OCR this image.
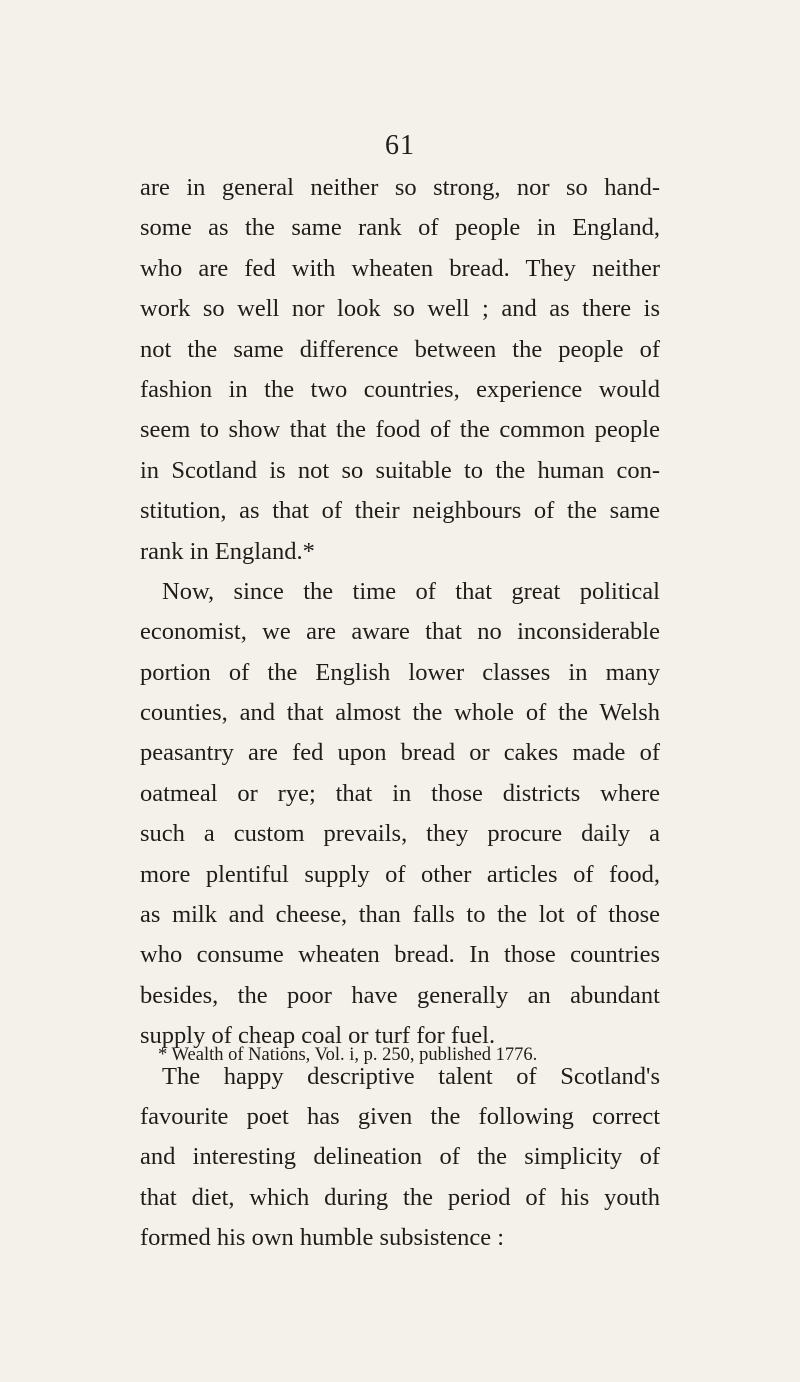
61
are in general neither so strong, nor so hand-
some as the same rank of people in England,
who are fed with wheaten bread. They neither
work so well nor look so well ; and as there is
not the same difference between the people of
fashion in the two countries, experience would
seem to show that the food of the common people
in Scotland is not so suitable to the human con-
stitution, as that of their neighbours of the same
rank in England.*
Now, since the time of that great political
economist, we are aware that no inconsiderable
portion of the English lower classes in many
counties, and that almost the whole of the Welsh
peasantry are fed upon bread or cakes made of
oatmeal or rye; that in those districts where
such a custom prevails, they procure daily a
more plentiful supply of other articles of food,
as milk and cheese, than falls to the lot of those
who consume wheaten bread. In those countries
besides, the poor have generally an abundant
supply of cheap coal or turf for fuel.
The happy descriptive talent of Scotland's
favourite poet has given the following correct
and interesting delineation of the simplicity of
that diet, which during the period of his youth
formed his own humble subsistence :
* Wealth of Nations, Vol. i, p. 250, published 1776.
